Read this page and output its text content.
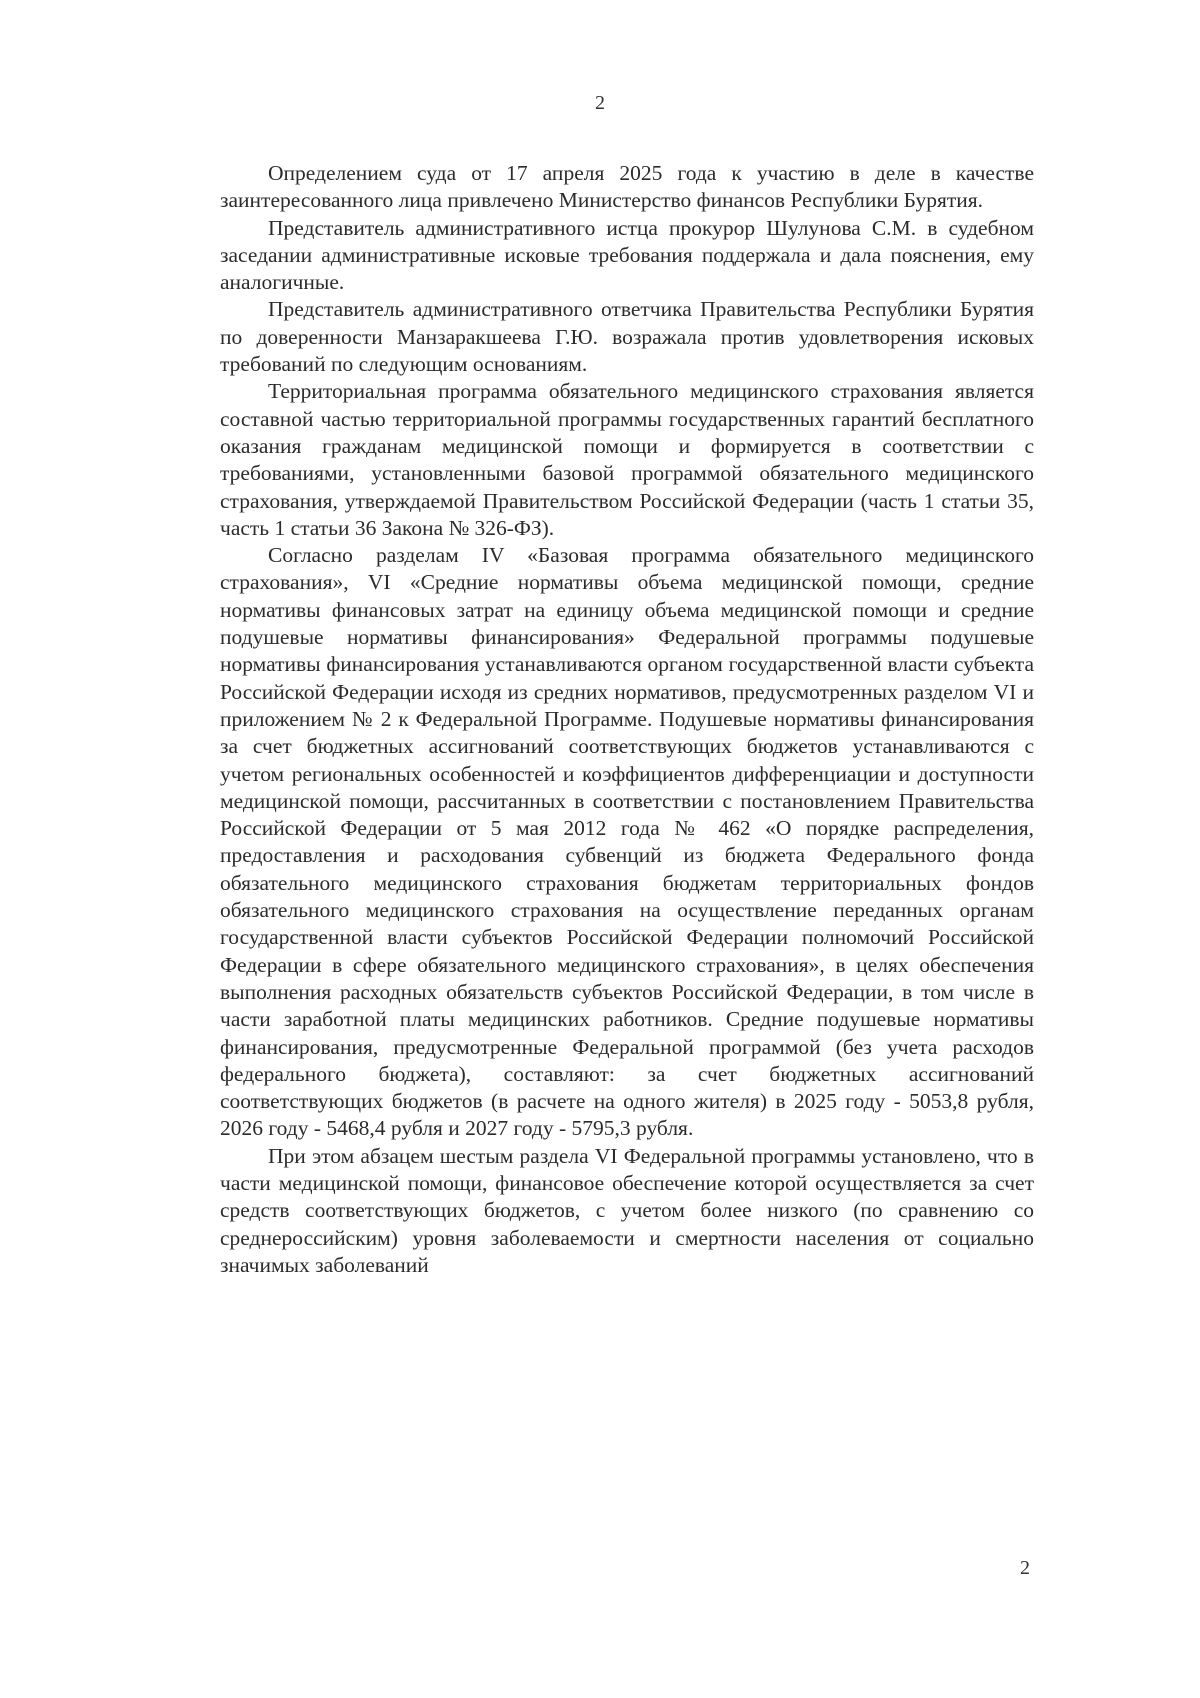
2

Определением суда от 17 апреля 2025 года к участию в деле в качестве заинтересованного лица привлечено Министерство финансов Республики Бурятия.

Представитель административного истца прокурор Шулунова С.М. в судебном заседании административные исковые требования поддержала и дала пояснения, ему аналогичные.

Представитель административного ответчика Правительства Республики Бурятия по доверенности Манзаракшеева Г.Ю. возражала против удовлетворения исковых требований по следующим основаниям.

Территориальная программа обязательного медицинского страхования является составной частью территориальной программы государственных гарантий бесплатного оказания гражданам медицинской помощи и формируется в соответствии с требованиями, установленными базовой программой обязательного медицинского страхования, утверждаемой Правительством Российской Федерации (часть 1 статьи 35, часть 1 статьи 36 Закона № 326-ФЗ).

Согласно разделам IV «Базовая программа обязательного медицинского страхования», VI «Средние нормативы объема медицинской помощи, средние нормативы финансовых затрат на единицу объема медицинской помощи и средние подушевые нормативы финансирования» Федеральной программы подушевые нормативы финансирования устанавливаются органом государственной власти субъекта Российской Федерации исходя из средних нормативов, предусмотренных разделом VI и приложением № 2 к Федеральной Программе. Подушевые нормативы финансирования за счет бюджетных ассигнований соответствующих бюджетов устанавливаются с учетом региональных особенностей и коэффициентов дифференциации и доступности медицинской помощи, рассчитанных в соответствии с постановлением Правительства Российской Федерации от 5 мая 2012 года № 462 «О порядке распределения, предоставления и расходования субвенций из бюджета Федерального фонда обязательного медицинского страхования бюджетам территориальных фондов обязательного медицинского страхования на осуществление переданных органам государственной власти субъектов Российской Федерации полномочий Российской Федерации в сфере обязательного медицинского страхования», в целях обеспечения выполнения расходных обязательств субъектов Российской Федерации, в том числе в части заработной платы медицинских работников. Средние подушевые нормативы финансирования, предусмотренные Федеральной программой (без учета расходов федерального бюджета), составляют: за счет бюджетных ассигнований соответствующих бюджетов (в расчете на одного жителя) в 2025 году - 5053,8 рубля, 2026 году - 5468,4 рубля и 2027 году - 5795,3 рубля.

При этом абзацем шестым раздела VI Федеральной программы установлено, что в части медицинской помощи, финансовое обеспечение которой осуществляется за счет средств соответствующих бюджетов, с учетом более низкого (по сравнению со среднероссийским) уровня заболеваемости и смертности населения от социально значимых заболеваний

2
